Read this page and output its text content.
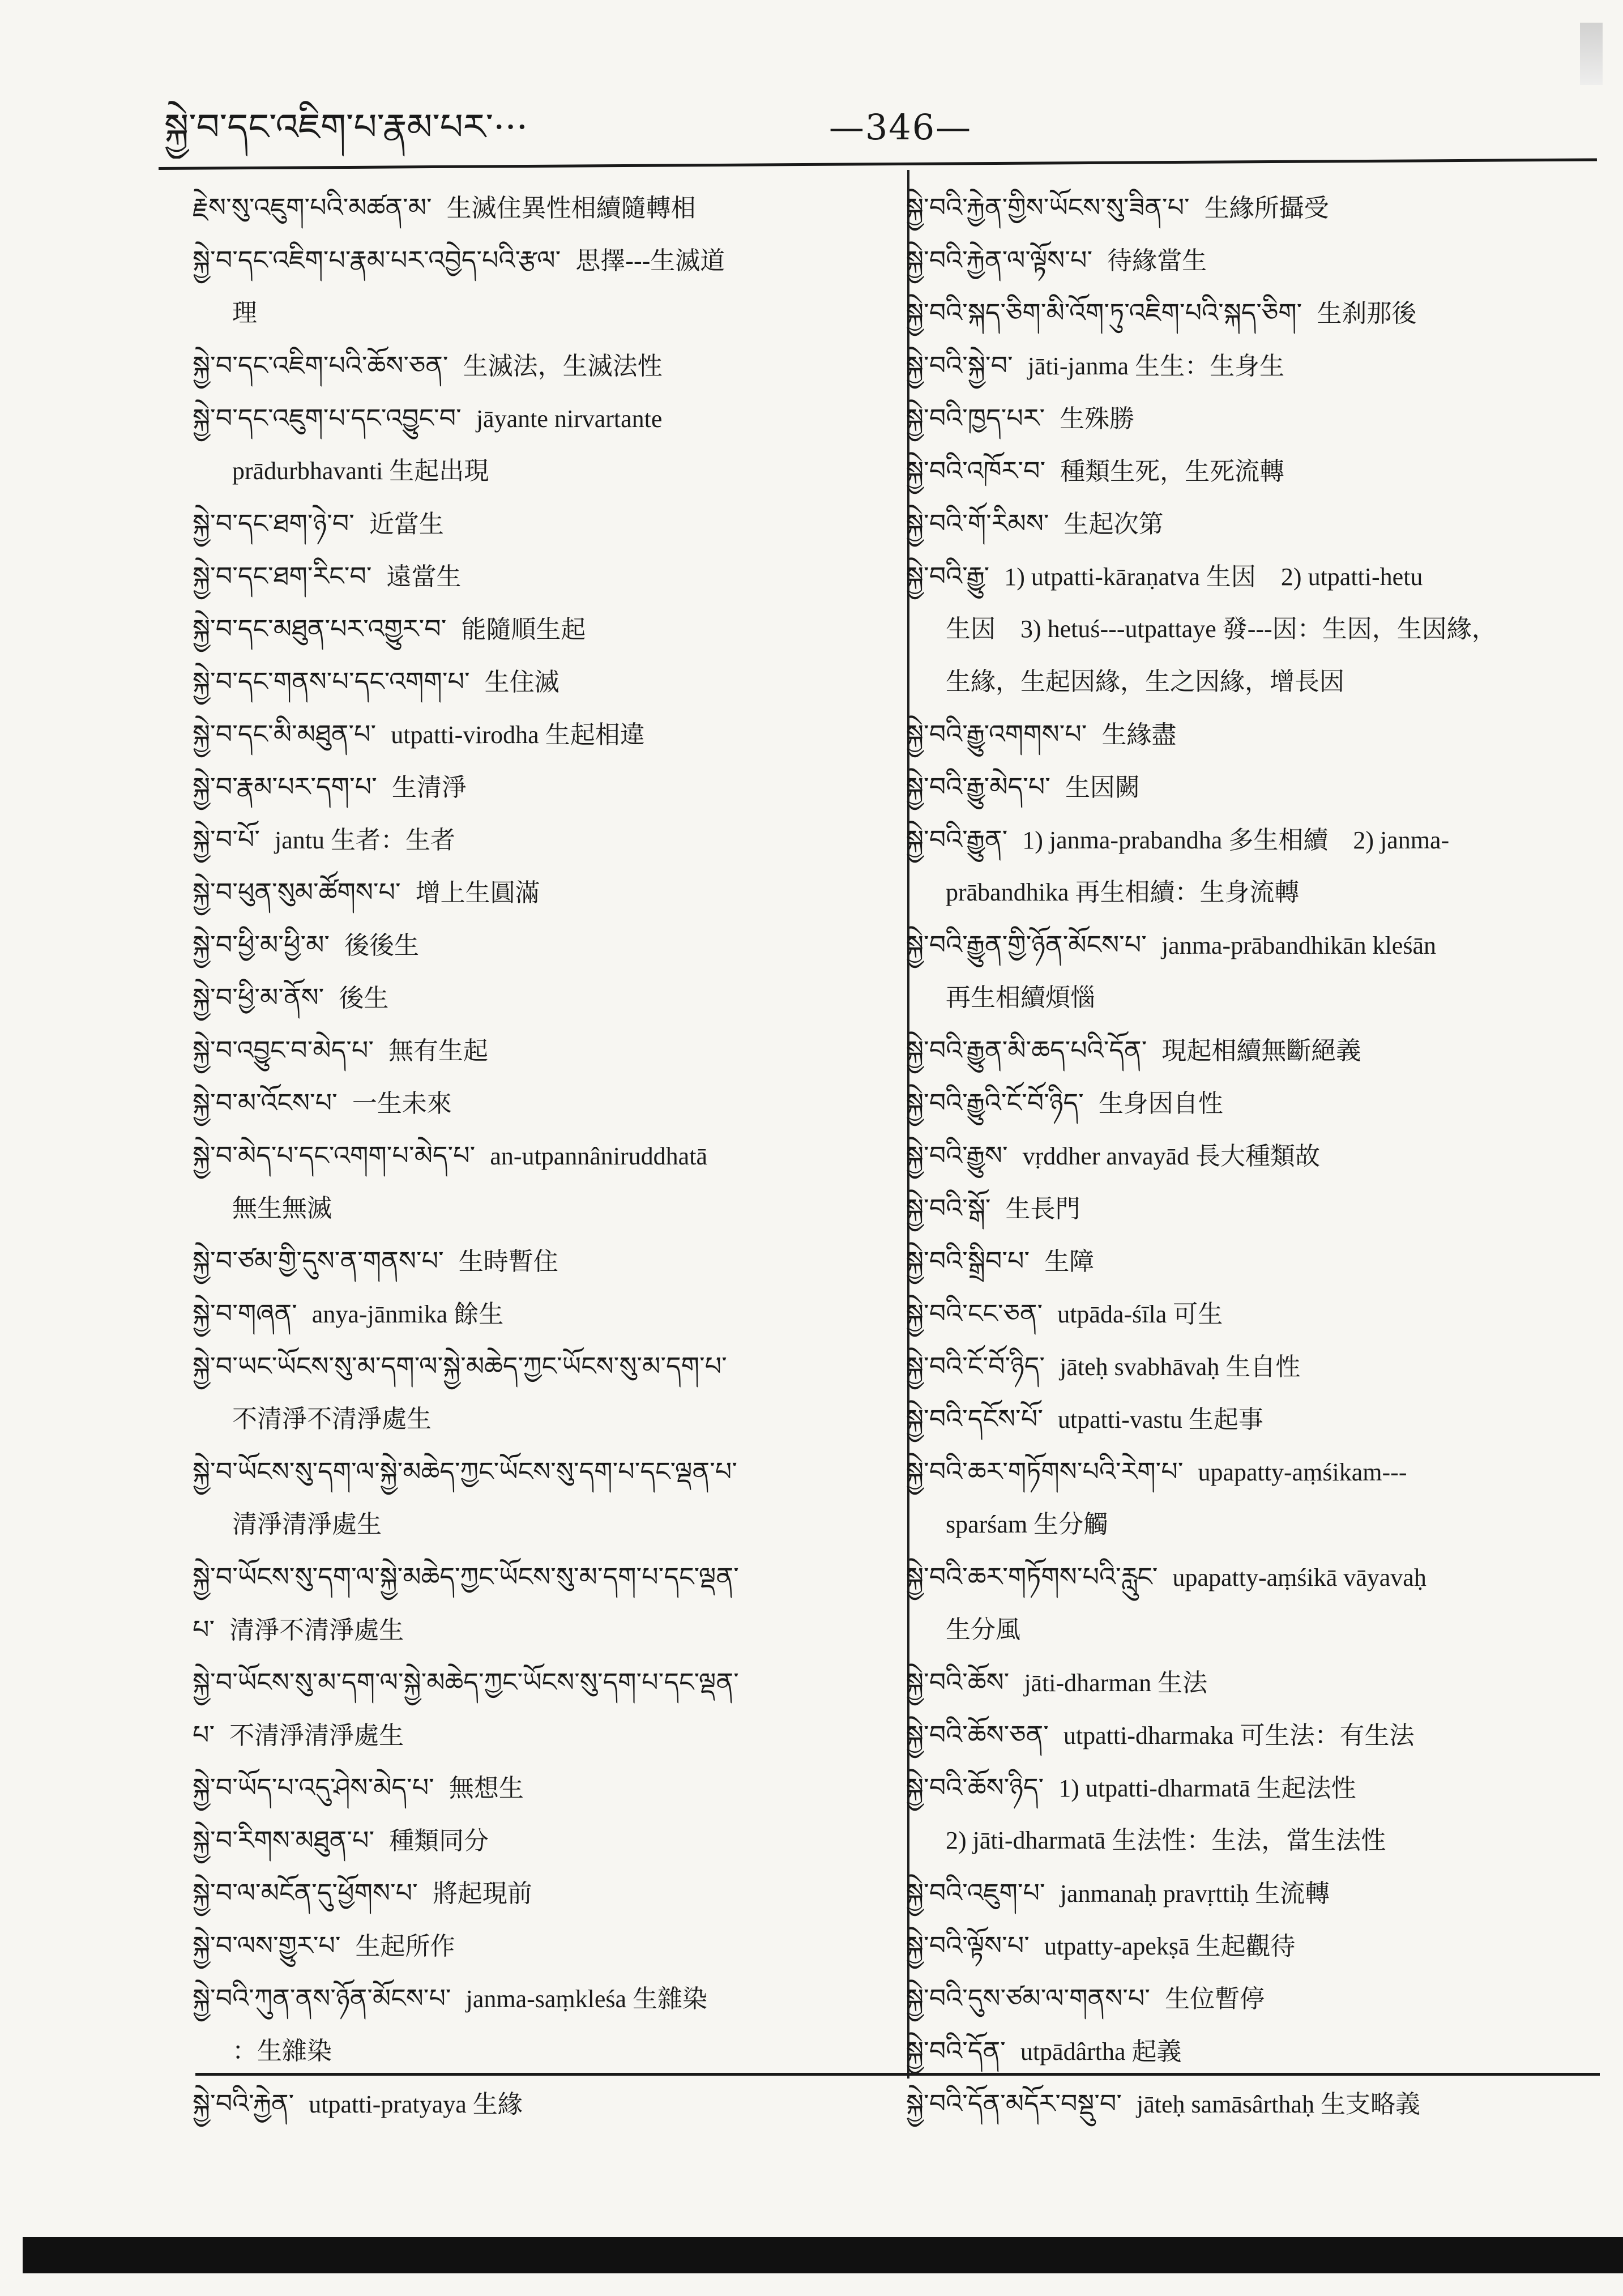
སྐྱེ་བ་དང་འཇིག་པ་རྣམ་པར་···	—346—
རྗེས་སུ་འཇུག་པའི་མཚན་མ་ 生滅住異性相續隨轉相
སྐྱེ་བ་དང་འཇིག་པ་རྣམ་པར་འབྱེད་པའི་རྩལ་ 思擇---生滅道
理
སྐྱེ་བ་དང་འཇིག་པའི་ཆོས་ཅན་ 生滅法，生滅法性
སྐྱེ་བ་དང་འཇུག་པ་དང་འབྱུང་བ་ jāyante nirvartante
prādurbhavanti 生起出現
སྐྱེ་བ་དང་ཐག་ཉེ་བ་ 近當生
སྐྱེ་བ་དང་ཐག་རིང་བ་ 遠當生
སྐྱེ་བ་དང་མཐུན་པར་འགྱུར་བ་ 能隨順生起
སྐྱེ་བ་དང་གནས་པ་དང་འགག་པ་ 生住滅
སྐྱེ་བ་དང་མི་མཐུན་པ་ utpatti-virodha 生起相違
སྐྱེ་བ་རྣམ་པར་དག་པ་ 生清淨
སྐྱེ་བ་པོ་ jantu 生者：生者
སྐྱེ་བ་ཕུན་སུམ་ཚོགས་པ་ 增上生圓滿
སྐྱེ་བ་ཕྱི་མ་ཕྱི་མ་ 後後生
སྐྱེ་བ་ཕྱི་མ་ནོས་ 後生
སྐྱེ་བ་འབྱུང་བ་མེད་པ་ 無有生起
སྐྱེ་བ་མ་འོངས་པ་ 一生未來
སྐྱེ་བ་མེད་པ་དང་འགག་པ་མེད་པ་ an-utpannâniruddhatā
無生無滅
སྐྱེ་བ་ཙམ་གྱི་དུས་ན་གནས་པ་ 生時暫住
སྐྱེ་བ་གཞན་ anya-jānmika 餘生
སྐྱེ་བ་ཡང་ཡོངས་སུ་མ་དག་ལ་སྐྱེ་མཆེད་ཀྱང་ཡོངས་སུ་མ་དག་པ་
不清淨不清淨處生
སྐྱེ་བ་ཡོངས་སུ་དག་ལ་སྐྱེ་མཆེད་ཀྱང་ཡོངས་སུ་དག་པ་དང་ལྡན་པ་
清淨清淨處生
སྐྱེ་བ་ཡོངས་སུ་དག་ལ་སྐྱེ་མཆེད་ཀྱང་ཡོངས་སུ་མ་དག་པ་དང་ལྡན་
པ་ 清淨不清淨處生
སྐྱེ་བ་ཡོངས་སུ་མ་དག་ལ་སྐྱེ་མཆེད་ཀྱང་ཡོངས་སུ་དག་པ་དང་ལྡན་
པ་ 不清淨清淨處生
སྐྱེ་བ་ཡོད་པ་འདུ་ཤེས་མེད་པ་ 無想生
སྐྱེ་བ་རིགས་མཐུན་པ་ 種類同分
སྐྱེ་བ་ལ་མངོན་དུ་ཕྱོགས་པ་ 將起現前
སྐྱེ་བ་ལས་གྱུར་པ་ 生起所作
སྐྱེ་བའི་ཀུན་ནས་ཉོན་མོངས་པ་ janma-saṃkleśa 生雜染
：生雜染
སྐྱེ་བའི་རྐྱེན་ utpatti-pratyaya 生緣
སྐྱེ་བའི་རྐྱེན་གྱིས་ཡོངས་སུ་ཟིན་པ་ 生緣所攝受
སྐྱེ་བའི་རྐྱེན་ལ་ལྟོས་པ་ 待緣當生
སྐྱེ་བའི་སྐད་ཅིག་མི་འོག་ཏུ་འཇིག་པའི་སྐད་ཅིག་ 生刹那後
སྐྱེ་བའི་སྐྱེ་བ་ jāti-janma 生生：生身生
སྐྱེ་བའི་ཁྱད་པར་ 生殊勝
སྐྱེ་བའི་འཁོར་བ་ 種類生死，生死流轉
སྐྱེ་བའི་གོ་རིམས་ 生起次第
སྐྱེ་བའི་རྒྱུ་ 1) utpatti-kāraṇatva 生因　2) utpatti-hetu
生因　3) hetuś---utpattaye 發---因：生因，生因緣，
生緣，生起因緣，生之因緣，增長因
སྐྱེ་བའི་རྒྱུ་འགགས་པ་ 生緣盡
སྐྱེ་བའི་རྒྱུ་མེད་པ་ 生因闕
སྐྱེ་བའི་རྒྱུན་ 1) janma-prabandha 多生相續　2) janma-
prābandhika 再生相續：生身流轉
སྐྱེ་བའི་རྒྱུན་གྱི་ཉོན་མོངས་པ་ janma-prābandhikān kleśān
再生相續煩惱
སྐྱེ་བའི་རྒྱུན་མི་ཆད་པའི་དོན་ 現起相續無斷絕義
སྐྱེ་བའི་རྒྱུའི་ངོ་བོ་ཉིད་ 生身因自性
སྐྱེ་བའི་རྒྱུས་ vṛddher anvayād 長大種類故
སྐྱེ་བའི་སྒོ་ 生長門
སྐྱེ་བའི་སྒྲིབ་པ་ 生障
སྐྱེ་བའི་ངང་ཅན་ utpāda-śīla 可生
སྐྱེ་བའི་ངོ་བོ་ཉིད་ jāteḥ svabhāvaḥ 生自性
སྐྱེ་བའི་དངོས་པོ་ utpatti-vastu 生起事
སྐྱེ་བའི་ཆར་གཏོགས་པའི་རེག་པ་ upapatty-aṃśikam---
sparśam 生分觸
སྐྱེ་བའི་ཆར་གཏོགས་པའི་རླུང་ upapatty-aṃśikā vāyavaḥ
生分風
སྐྱེ་བའི་ཆོས་ jāti-dharman 生法
སྐྱེ་བའི་ཆོས་ཅན་ utpatti-dharmaka 可生法：有生法
སྐྱེ་བའི་ཆོས་ཉིད་ 1) utpatti-dharmatā 生起法性
2) jāti-dharmatā 生法性：生法，當生法性
སྐྱེ་བའི་འཇུག་པ་ janmanaḥ pravṛttiḥ 生流轉
སྐྱེ་བའི་ལྟོས་པ་ utpatty-apekṣā 生起觀待
སྐྱེ་བའི་དུས་ཙམ་ལ་གནས་པ་ 生位暫停
སྐྱེ་བའི་དོན་ utpādârtha 起義
སྐྱེ་བའི་དོན་མདོར་བསྡུ་བ་ jāteḥ samāsârthaḥ 生支略義
